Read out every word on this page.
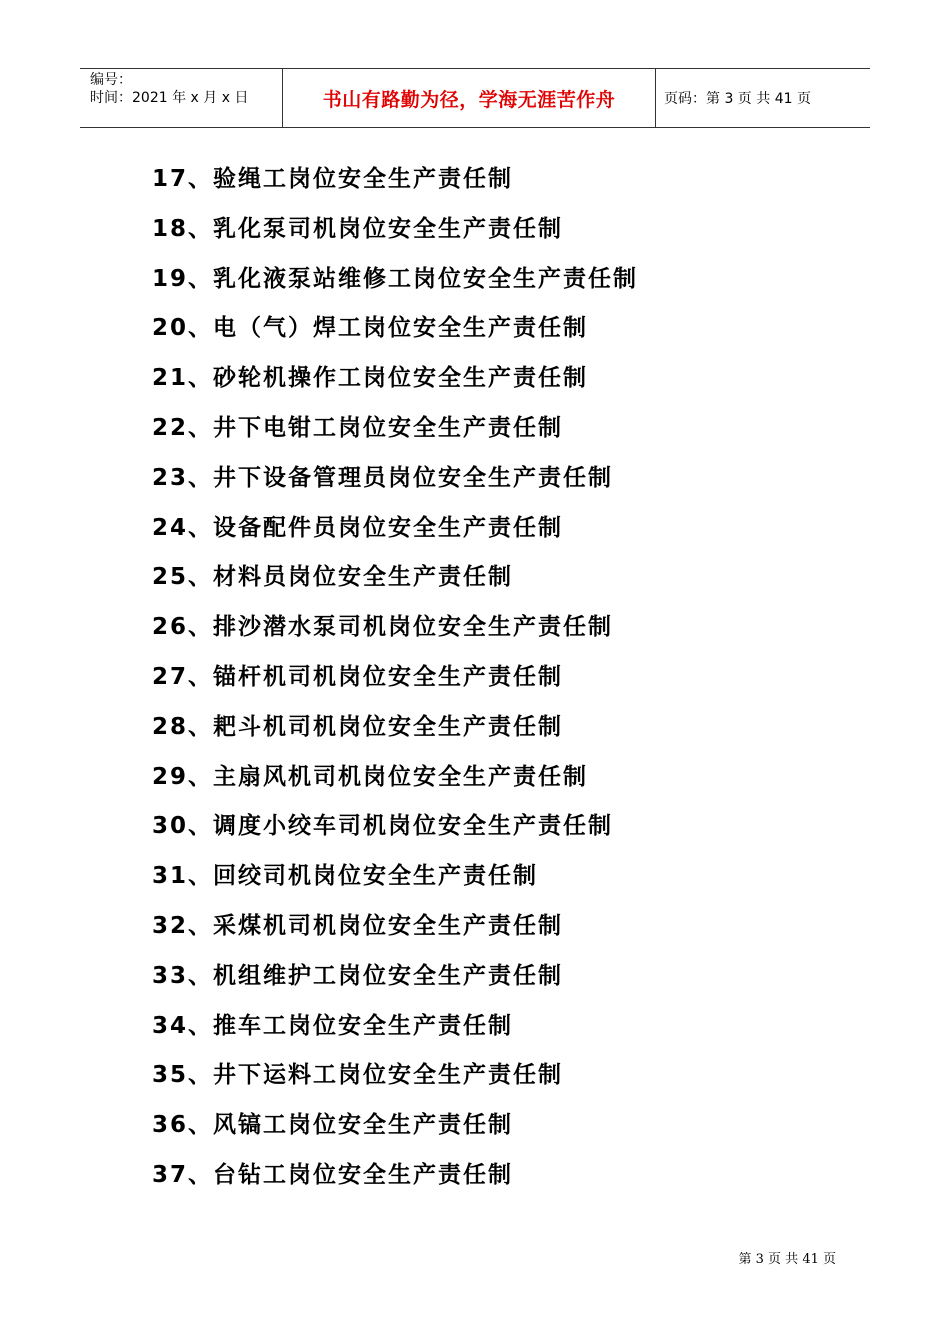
编号：
时间：2021 年 x 月 x 日	书山有路勤为径，学海无涯苦作舟	页码：第 3 页 共 41 页
17、验绳工岗位安全生产责任制
18、乳化泵司机岗位安全生产责任制
19、乳化液泵站维修工岗位安全生产责任制
20、电（气）焊工岗位安全生产责任制
21、砂轮机操作工岗位安全生产责任制
22、井下电钳工岗位安全生产责任制
23、井下设备管理员岗位安全生产责任制
24、设备配件员岗位安全生产责任制
25、材料员岗位安全生产责任制
26、排沙潜水泵司机岗位安全生产责任制
27、锚杆机司机岗位安全生产责任制
28、耙斗机司机岗位安全生产责任制
29、主扇风机司机岗位安全生产责任制
30、调度小绞车司机岗位安全生产责任制
31、回绞司机岗位安全生产责任制
32、采煤机司机岗位安全生产责任制
33、机组维护工岗位安全生产责任制
34、推车工岗位安全生产责任制
35、井下运料工岗位安全生产责任制
36、风镐工岗位安全生产责任制
37、台钻工岗位安全生产责任制
第 3 页 共 41 页
